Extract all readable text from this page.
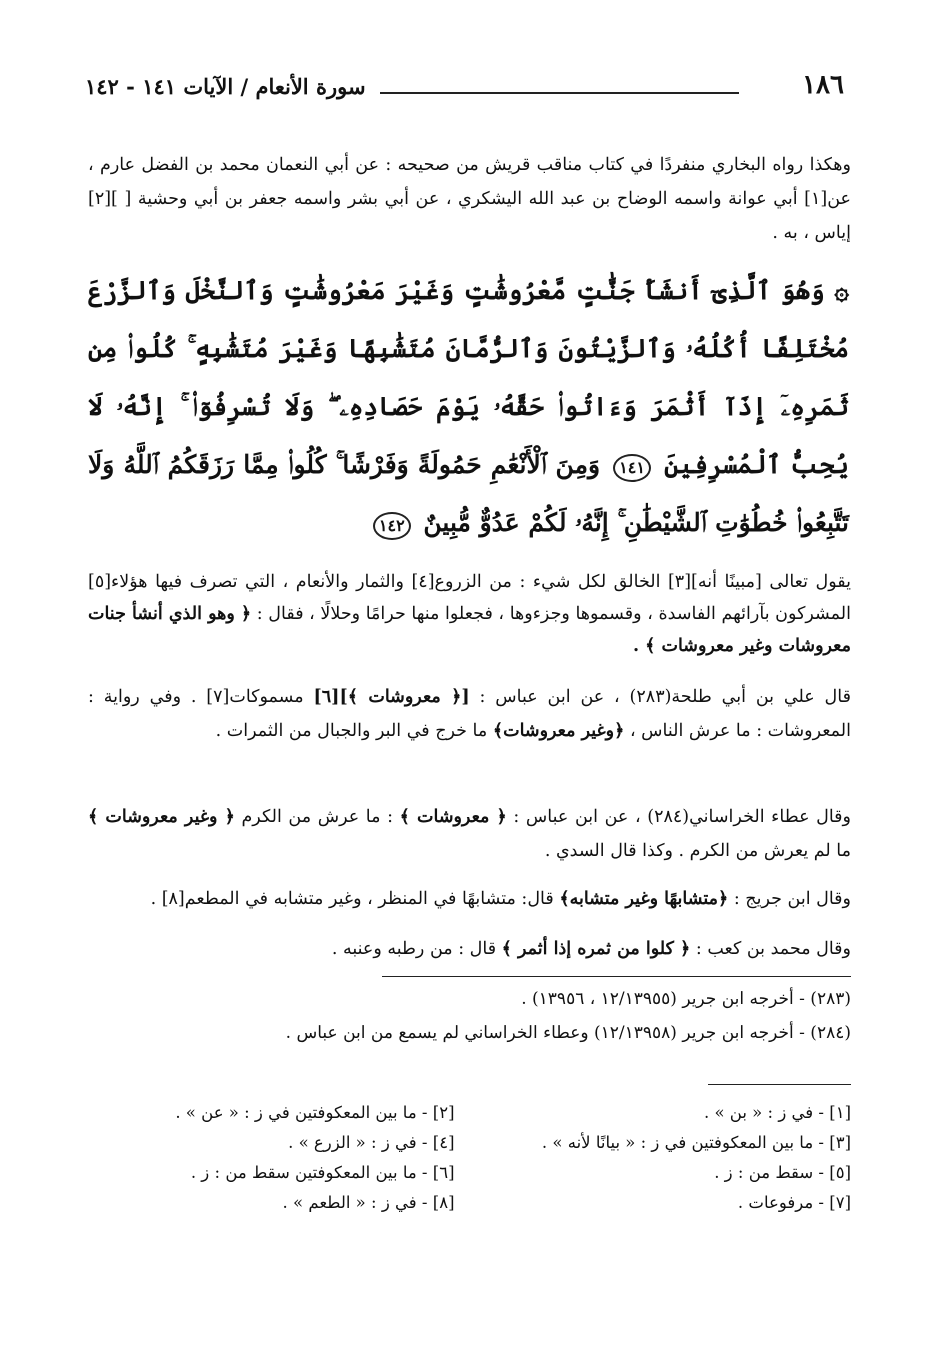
١٨٦
سورة الأنعام / الآيات ١٤١ - ١٤٢
وهكذا رواه البخاري منفردًا في كتاب مناقب قريش من صحيحه : عن أبي النعمان محمد بن الفضل عارم ، عن[١] أبي عوانة واسمه الوضاح بن عبد الله اليشكري ، عن أبي بشر واسمه جعفر بن أبي وحشية [ ][٢] إياس ، به .
۞ وَهُوَ ٱلَّذِىٓ أَنشَأَ جَنَّٰتٍ مَّعْرُوشَٰتٍ وَغَيْرَ مَعْرُوشَٰتٍ وَٱلنَّخْلَ وَٱلزَّرْعَ مُخْتَلِفًا أُكُلُهُۥ وَٱلزَّيْتُونَ وَٱلرُّمَّانَ مُتَشَٰبِهًا وَغَيْرَ مُتَشَٰبِهٍ ۚ كُلُوا۟ مِن ثَمَرِهِۦٓ إِذَآ أَثْمَرَ وَءَاتُوا۟ حَقَّهُۥ يَوْمَ حَصَادِهِۦ ۖ وَلَا تُسْرِفُوٓا۟ ۚ إِنَّهُۥ لَا يُحِبُّ ٱلْمُسْرِفِينَ ١٤١ وَمِنَ ٱلْأَنْعَٰمِ حَمُولَةً وَفَرْشًا ۚ كُلُوا۟ مِمَّا رَزَقَكُمُ ٱللَّهُ وَلَا تَتَّبِعُوا۟ خُطُوَٰتِ ٱلشَّيْطَٰنِ ۚ إِنَّهُۥ لَكُمْ عَدُوٌّ مُّبِينٌ ١٤٢
يقول تعالى [مبينًا أنه][٣] الخالق لكل شيء : من الزروع[٤] والثمار والأنعام ، التي تصرف فيها هؤلاء[٥] المشركون بآرائهم الفاسدة ، وقسموها وجزءوها ، فجعلوا منها حرامًا وحلالًا ، فقال : ﴿ وهو الذي أنشأ جنات معروشات وغير معروشات ﴾ .
قال علي بن أبي طلحة(٢٨٣) ، عن ابن عباس : [﴿ معروشات ﴾][٦] مسموكات[٧] . وفي رواية : المعروشات : ما عرش الناس ، ﴿وغير معروشات﴾ ما خرج في البر والجبال من الثمرات .
وقال عطاء الخراساني(٢٨٤) ، عن ابن عباس : ﴿ معروشات ﴾ : ما عرش من الكرم ﴿ وغير معروشات ﴾ ما لم يعرش من الكرم . وكذا قال السدي .
وقال ابن جريج : ﴿متشابهًا وغير متشابه﴾ قال: متشابهًا في المنظر ، وغير متشابه في المطعم[٨] .
وقال محمد بن كعب : ﴿ كلوا من ثمره إذا أثمر ﴾ قال : من رطبه وعنبه .
(٢٨٣) - أخرجه ابن جرير (١٢/١٣٩٥٥ ، ١٣٩٥٦) .
(٢٨٤) - أخرجه ابن جرير (١٢/١٣٩٥٨) وعطاء الخراساني لم يسمع من ابن عباس .
[١] - في ز : « بن » .
[٢] - ما بين المعكوفتين في ز : « عن » .
[٣] - ما بين المعكوفتين في ز : « بيانًا لأنه » .
[٤] - في ز : « الزرع » .
[٥] - سقط من : ز .
[٦] - ما بين المعكوفتين سقط من : ز .
[٧] - مرفوعات .
[٨] - في ز : « الطعم » .
